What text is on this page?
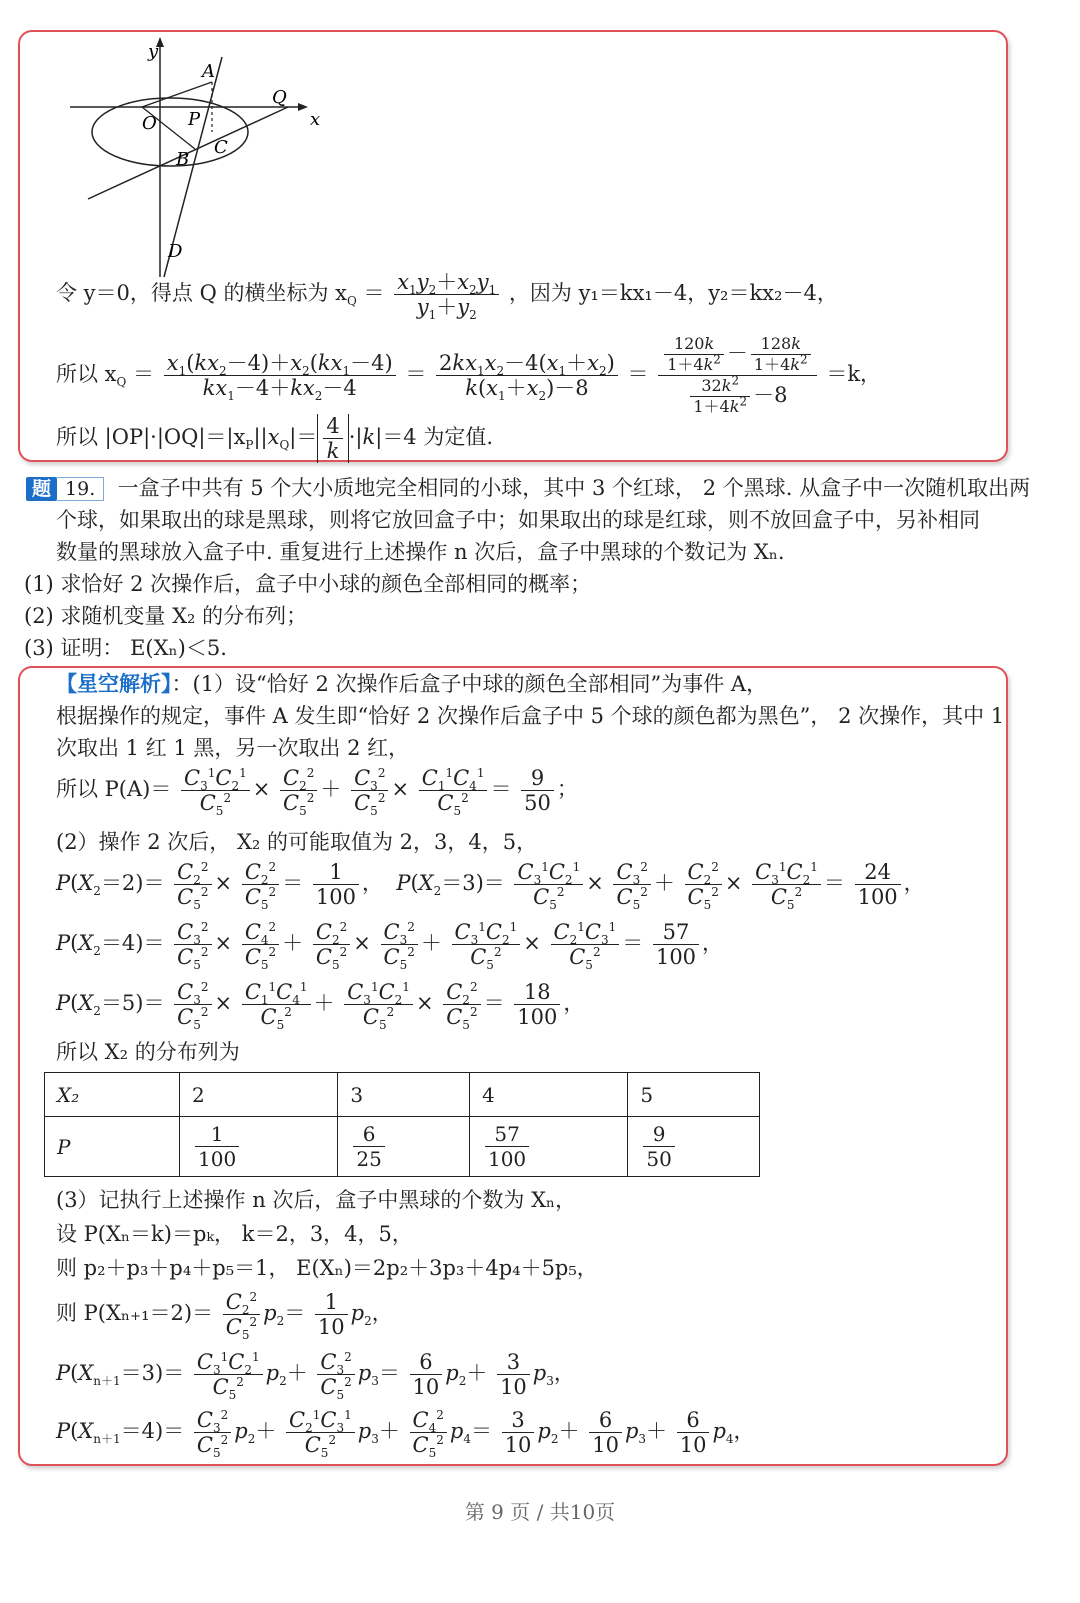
y
x
A
Q
O P
C
B
D
令 y＝0，得点 Q 的横坐标为 $x_Q = \frac{x_1y_2+x_2y_1}{y_1+y_2}$ ，因为 y₁＝kx₁－4，y₂＝kx₂－4，
所以 $x_Q = \frac{x_1(kx_2-4)+x_2(kx_1-4)}{kx_1-4+kx_2-4} = \frac{2kx_1x_2-4(x_1+x_2)}{k(x_1+x_2)-8} = \frac{\frac{120k}{1+4k^2} - \frac{128k}{1+4k^2}}{\frac{32k^2}{1+4k^2} -8} =k$，
所以 $|OP|\cdot|OQ|=|x_P||x_Q|= \frac{4}{k} \cdot|k|=4$ 为定值.
题 19. 一盒子中共有 5 个大小质地完全相同的小球，其中 3 个红球， 2 个黑球. 从盒子中一次随机取出两
个球，如果取出的球是黑球，则将它放回盒子中；如果取出的球是红球，则不放回盒子中，另补相同
数量的黑球放入盒子中. 重复进行上述操作 n 次后，盒子中黑球的个数记为 Xₙ.
(1) 求恰好 2 次操作后，盒子中小球的颜色全部相同的概率；
(2) 求随机变量 X₂ 的分布列；
(3) 证明： E(Xₙ)＜5.
【星空解析】：(1）设“恰好 2 次操作后盒子中球的颜色全部相同”为事件 A，
根据操作的规定，事件 A 发生即“恰好 2 次操作后盒子中 5 个球的颜色都为黑色”， 2 次操作，其中 1
次取出 1 红 1 黑，另一次取出 2 红，
所以 $P(A)= \frac{C_3^1C_2^1}{C_5^2} \times \frac{C_2^2}{C_5^2} + \frac{C_3^2}{C_5^2} \times \frac{C_1^1C_4^1}{C_5^2} = \frac{9}{50}$ ；
(2）操作 2 次后， X₂ 的可能取值为 2，3，4，5，
$P(X_2=2)= \frac{C_2^2}{C_5^2} \times \frac{C_2^2}{C_5^2} = \frac{1}{100}$ ，  $P(X_2=3)= \frac{C_3^1C_2^1}{C_5^2} \times \frac{C_3^2}{C_5^2} + \frac{C_2^2}{C_5^2} \times \frac{C_3^1C_2^1}{C_5^2} = \frac{24}{100}$ ，
$P(X_2=4)= \frac{C_3^2}{C_5^2} \times \frac{C_4^2}{C_5^2} + \frac{C_2^2}{C_5^2} \times \frac{C_3^2}{C_5^2} + \frac{C_3^1C_2^1}{C_5^2} \times \frac{C_2^1C_3^1}{C_5^2} = \frac{57}{100}$ ，
$P(X_2=5)= \frac{C_3^2}{C_5^2} \times \frac{C_1^1C_4^1}{C_5^2} + \frac{C_3^1C_2^1}{C_5^2} \times \frac{C_2^2}{C_5^2} = \frac{18}{100}$ ，
所以 X₂ 的分布列为
(3）记执行上述操作 n 次后，盒子中黑球的个数为 Xₙ，
设 P(Xₙ＝k)＝pₖ， k＝2，3，4，5，
则 p₂＋p₃＋p₄＋p₅＝1， E(Xₙ)＝2p₂＋3p₃＋4p₄＋5p₅，
则 $P(X_{n+1}=2)= \frac{C_2^2}{C_5^2} p_2= \frac{1}{10} p_2$，
$P(X_{n+1}=3)= \frac{C_3^1C_2^1}{C_5^2} p_2+ \frac{C_3^2}{C_5^2} p_3= \frac{6}{10} p_2+ \frac{3}{10} p_3$，
$P(X_{n+1}=4)= \frac{C_3^2}{C_5^2} p_2+ \frac{C_2^1C_3^1}{C_5^2} p_3+ \frac{C_4^2}{C_5^2} p_4= \frac{3}{10} p_2+ \frac{6}{10} p_3+ \frac{6}{10} p_4$，
X₂	2	3	4	5
P	$\frac{1}{100}$	$\frac{6}{25}$	$\frac{57}{100}$	$\frac{9}{50}$
第 9 页 / 共10页
